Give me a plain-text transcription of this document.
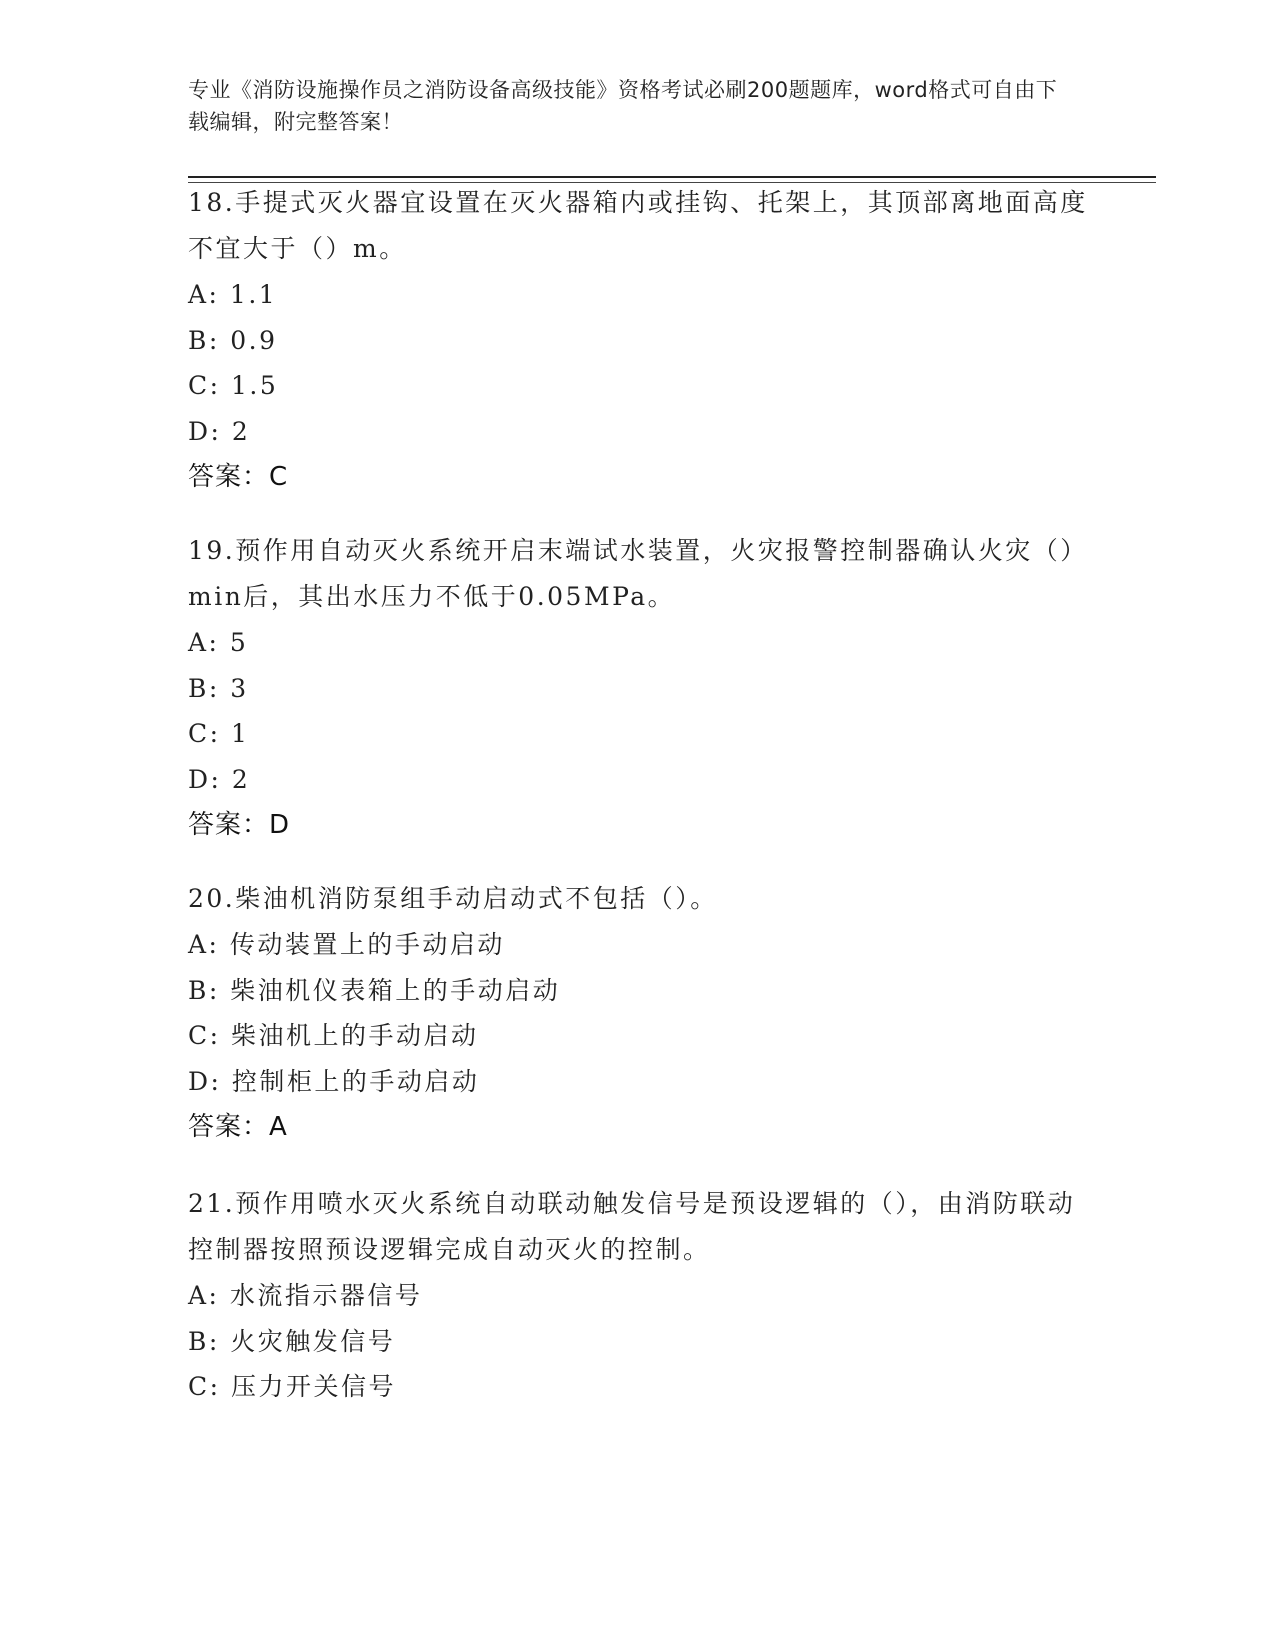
专业《消防设施操作员之消防设备高级技能》资格考试必刷200题题库，word格式可自由下载编辑，附完整答案！
18.手提式灭火器宜设置在灭火器箱内或挂钩、托架上，其顶部离地面高度不宜大于（）m。
A: 1.1
B: 0.9
C: 1.5
D: 2
答案：C
19.预作用自动灭火系统开启末端试水装置，火灾报警控制器确认火灾（）min后，其出水压力不低于0.05MPa。
A: 5
B: 3
C: 1
D: 2
答案：D
20.柴油机消防泵组手动启动式不包括（）。
A: 传动装置上的手动启动
B: 柴油机仪表箱上的手动启动
C: 柴油机上的手动启动
D: 控制柜上的手动启动
答案：A
21.预作用喷水灭火系统自动联动触发信号是预设逻辑的（），由消防联动控制器按照预设逻辑完成自动灭火的控制。
A: 水流指示器信号
B: 火灾触发信号
C: 压力开关信号
